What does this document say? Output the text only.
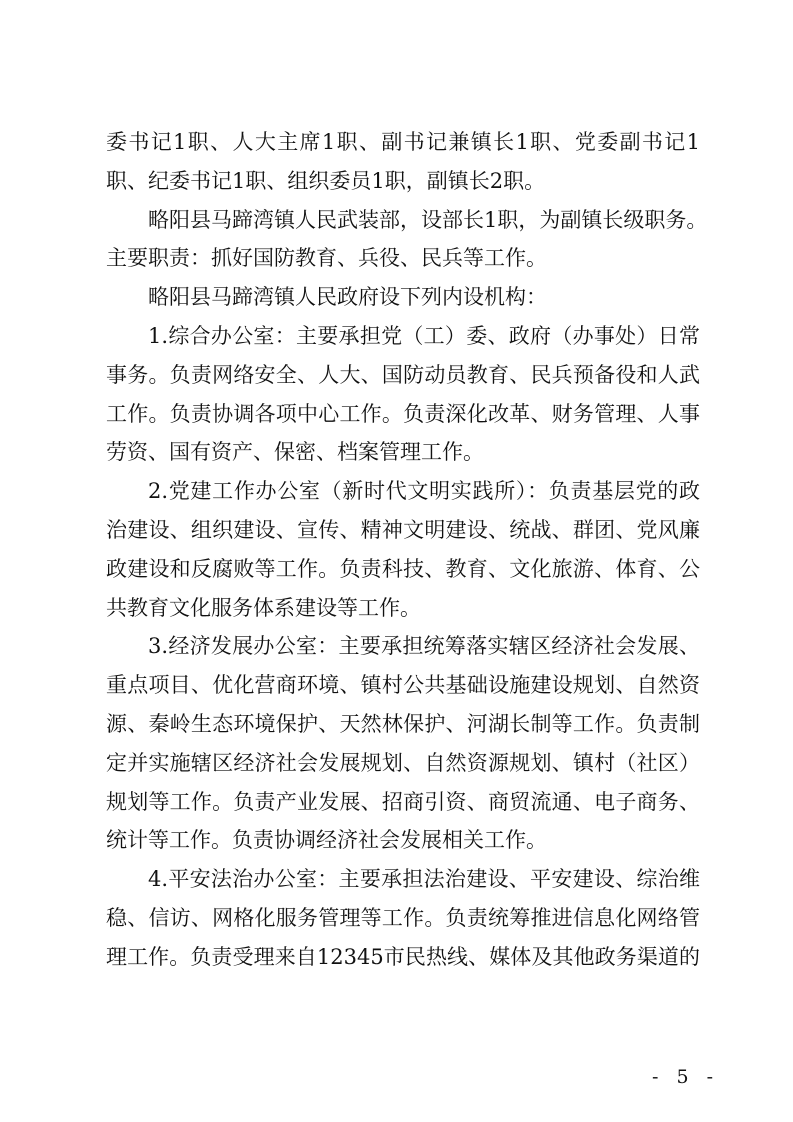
委书记1职、人大主席1职、副书记兼镇长1职、党委副书记1
职、纪委书记1职、组织委员1职，副镇长2职。
略阳县马蹄湾镇人民武装部，设部长1职，为副镇长级职务。
主要职责：抓好国防教育、兵役、民兵等工作。
略阳县马蹄湾镇人民政府设下列内设机构：
1.综合办公室：主要承担党（工）委、政府（办事处）日常
事务。负责网络安全、人大、国防动员教育、民兵预备役和人武
工作。负责协调各项中心工作。负责深化改革、财务管理、人事
劳资、国有资产、保密、档案管理工作。
2.党建工作办公室（新时代文明实践所）：负责基层党的政
治建设、组织建设、宣传、精神文明建设、统战、群团、党风廉
政建设和反腐败等工作。负责科技、教育、文化旅游、体育、公
共教育文化服务体系建设等工作。
3.经济发展办公室：主要承担统筹落实辖区经济社会发展、
重点项目、优化营商环境、镇村公共基础设施建设规划、自然资
源、秦岭生态环境保护、天然林保护、河湖长制等工作。负责制
定并实施辖区经济社会发展规划、自然资源规划、镇村（社区）
规划等工作。负责产业发展、招商引资、商贸流通、电子商务、
统计等工作。负责协调经济社会发展相关工作。
4.平安法治办公室：主要承担法治建设、平安建设、综治维
稳、信访、网格化服务管理等工作。负责统筹推进信息化网络管
理工作。负责受理来自12345市民热线、媒体及其他政务渠道的
- 5 -
